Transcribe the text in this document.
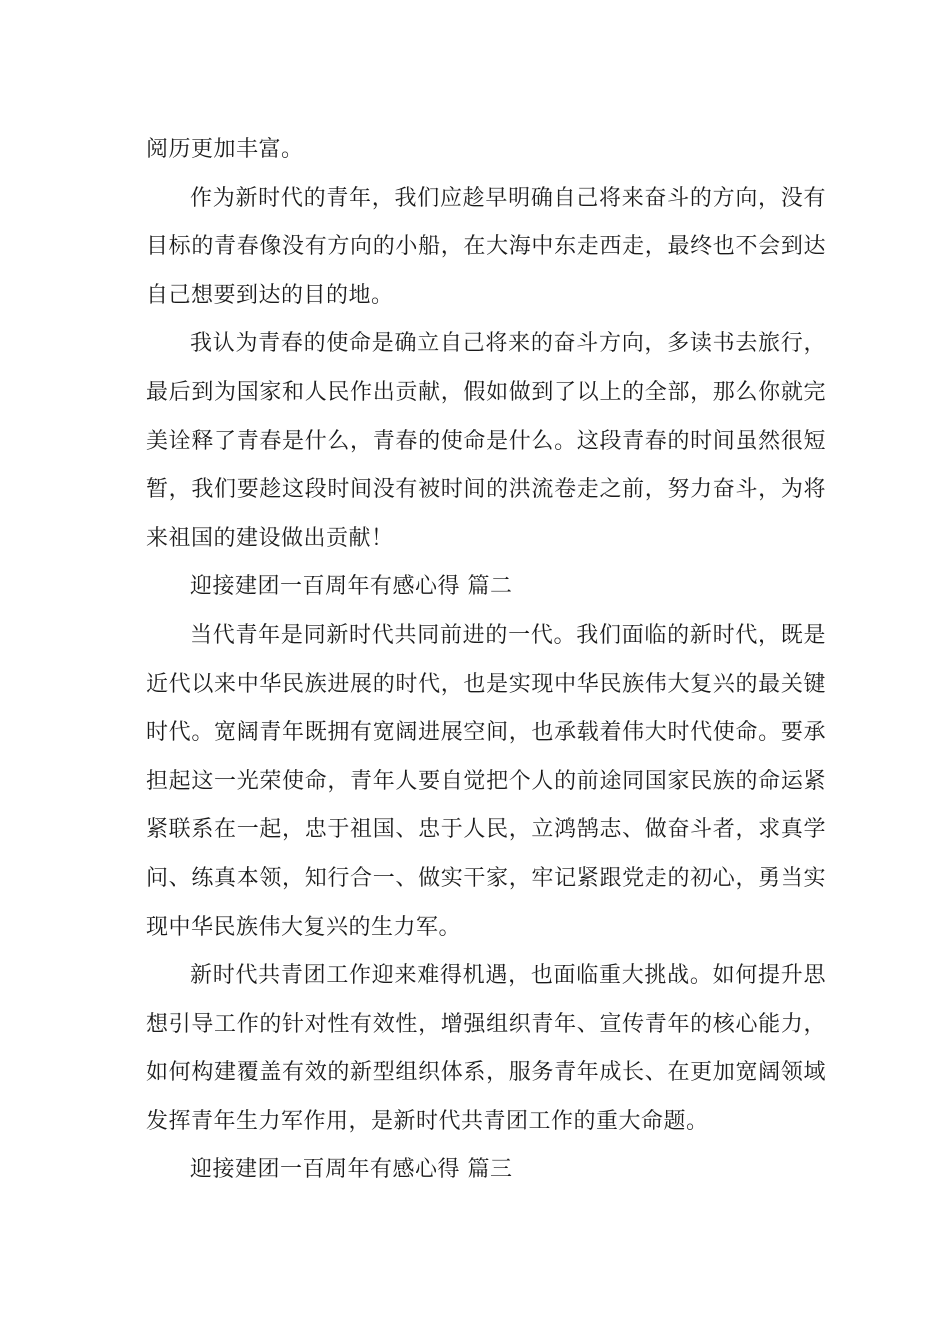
阅历更加丰富。

作为新时代的青年，我们应趁早明确自己将来奋斗的方向，没有目标的青春像没有方向的小船，在大海中东走西走，最终也不会到达自己想要到达的目的地。

我认为青春的使命是确立自己将来的奋斗方向，多读书去旅行，最后到为国家和人民作出贡献，假如做到了以上的全部，那么你就完美诠释了青春是什么，青春的使命是什么。这段青春的时间虽然很短暂，我们要趁这段时间没有被时间的洪流卷走之前，努力奋斗，为将来祖国的建设做出贡献！

迎接建团一百周年有感心得 篇二

当代青年是同新时代共同前进的一代。我们面临的新时代，既是近代以来中华民族进展的时代，也是实现中华民族伟大复兴的最关键时代。宽阔青年既拥有宽阔进展空间，也承载着伟大时代使命。要承担起这一光荣使命，青年人要自觉把个人的前途同国家民族的命运紧紧联系在一起，忠于祖国、忠于人民，立鸿鹄志、做奋斗者，求真学问、练真本领，知行合一、做实干家，牢记紧跟党走的初心，勇当实现中华民族伟大复兴的生力军。

新时代共青团工作迎来难得机遇，也面临重大挑战。如何提升思想引导工作的针对性有效性，增强组织青年、宣传青年的核心能力，如何构建覆盖有效的新型组织体系，服务青年成长、在更加宽阔领域发挥青年生力军作用，是新时代共青团工作的重大命题。

迎接建团一百周年有感心得 篇三
